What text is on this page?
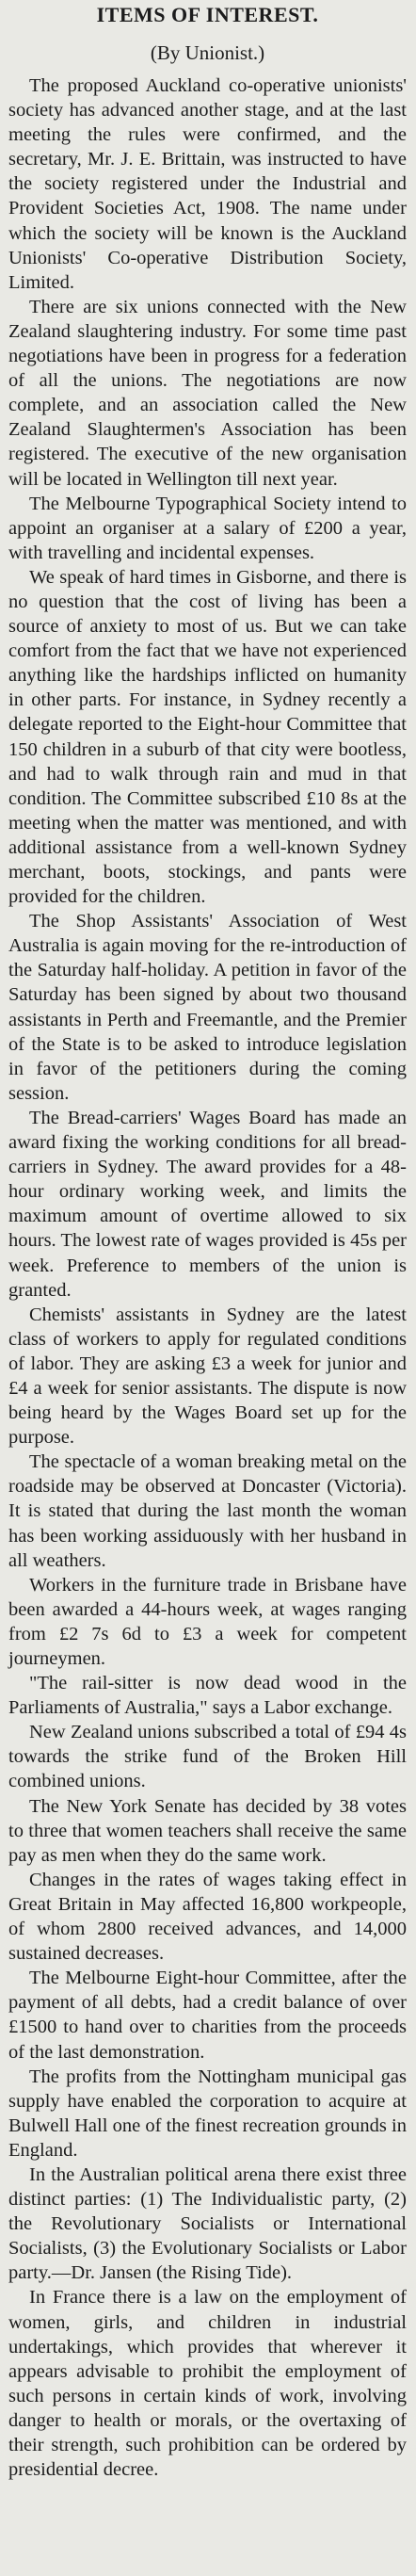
ITEMS OF INTEREST.
(By Unionist.)

The proposed Auckland co-operative unionists' society has advanced another stage, and at the last meeting the rules were confirmed, and the secretary, Mr. J. E. Brittain, was instructed to have the society registered under the Industrial and Provident Societies Act, 1908. The name under which the society will be known is the Auckland Unionists' Co-operative Distribution Society, Limited.

There are six unions connected with the New Zealand slaughtering industry. For some time past negotiations have been in progress for a federation of all the unions. The negotiations are now complete, and an association called the New Zealand Slaughtermen's Association has been registered. The executive of the new organisation will be located in Wellington till next year.

The Melbourne Typographical Society intend to appoint an organiser at a salary of £200 a year, with travelling and incidental expenses.

We speak of hard times in Gisborne, and there is no question that the cost of living has been a source of anxiety to most of us. But we can take comfort from the fact that we have not experienced anything like the hardships inflicted on humanity in other parts. For instance, in Sydney recently a delegate reported to the Eight-hour Committee that 150 children in a suburb of that city were bootless, and had to walk through rain and mud in that condition. The Committee subscribed £10 8s at the meeting when the matter was mentioned, and with additional assistance from a well-known Sydney merchant, boots, stockings, and pants were provided for the children.

The Shop Assistants' Association of West Australia is again moving for the re-introduction of the Saturday half-holiday. A petition in favor of the Saturday has been signed by about two thousand assistants in Perth and Freemantle, and the Premier of the State is to be asked to introduce legislation in favor of the petitioners during the coming session.

The Bread-carriers' Wages Board has made an award fixing the working conditions for all bread-carriers in Sydney. The award provides for a 48-hour ordinary working week, and limits the maximum amount of overtime allowed to six hours. The lowest rate of wages provided is 45s per week. Preference to members of the union is granted.

Chemists' assistants in Sydney are the latest class of workers to apply for regulated conditions of labor. They are asking £3 a week for junior and £4 a week for senior assistants. The dispute is now being heard by the Wages Board set up for the purpose.

The spectacle of a woman breaking metal on the roadside may be observed at Doncaster (Victoria). It is stated that during the last month the woman has been working assiduously with her husband in all weathers.

Workers in the furniture trade in Brisbane have been awarded a 44-hours week, at wages ranging from £2 7s 6d to £3 a week for competent journeymen.

"The rail-sitter is now dead wood in the Parliaments of Australia," says a Labor exchange.

New Zealand unions subscribed a total of £94 4s towards the strike fund of the Broken Hill combined unions.

The New York Senate has decided by 38 votes to three that women teachers shall receive the same pay as men when they do the same work.

Changes in the rates of wages taking effect in Great Britain in May affected 16,800 workpeople, of whom 2800 received advances, and 14,000 sustained decreases.

The Melbourne Eight-hour Committee, after the payment of all debts, had a credit balance of over £1500 to hand over to charities from the proceeds of the last demonstration.

The profits from the Nottingham municipal gas supply have enabled the corporation to acquire at Bulwell Hall one of the finest recreation grounds in England.

In the Australian political arena there exist three distinct parties: (1) The Individualistic party, (2) the Revolutionary Socialists or International Socialists, (3) the Evolutionary Socialists or Labor party.—Dr. Jansen (the Rising Tide).

In France there is a law on the employment of women, girls, and children in industrial undertakings, which provides that wherever it appears advisable to prohibit the employment of such persons in certain kinds of work, involving danger to health or morals, or the overtaxing of their strength, such prohibition can be ordered by presidential decree.
